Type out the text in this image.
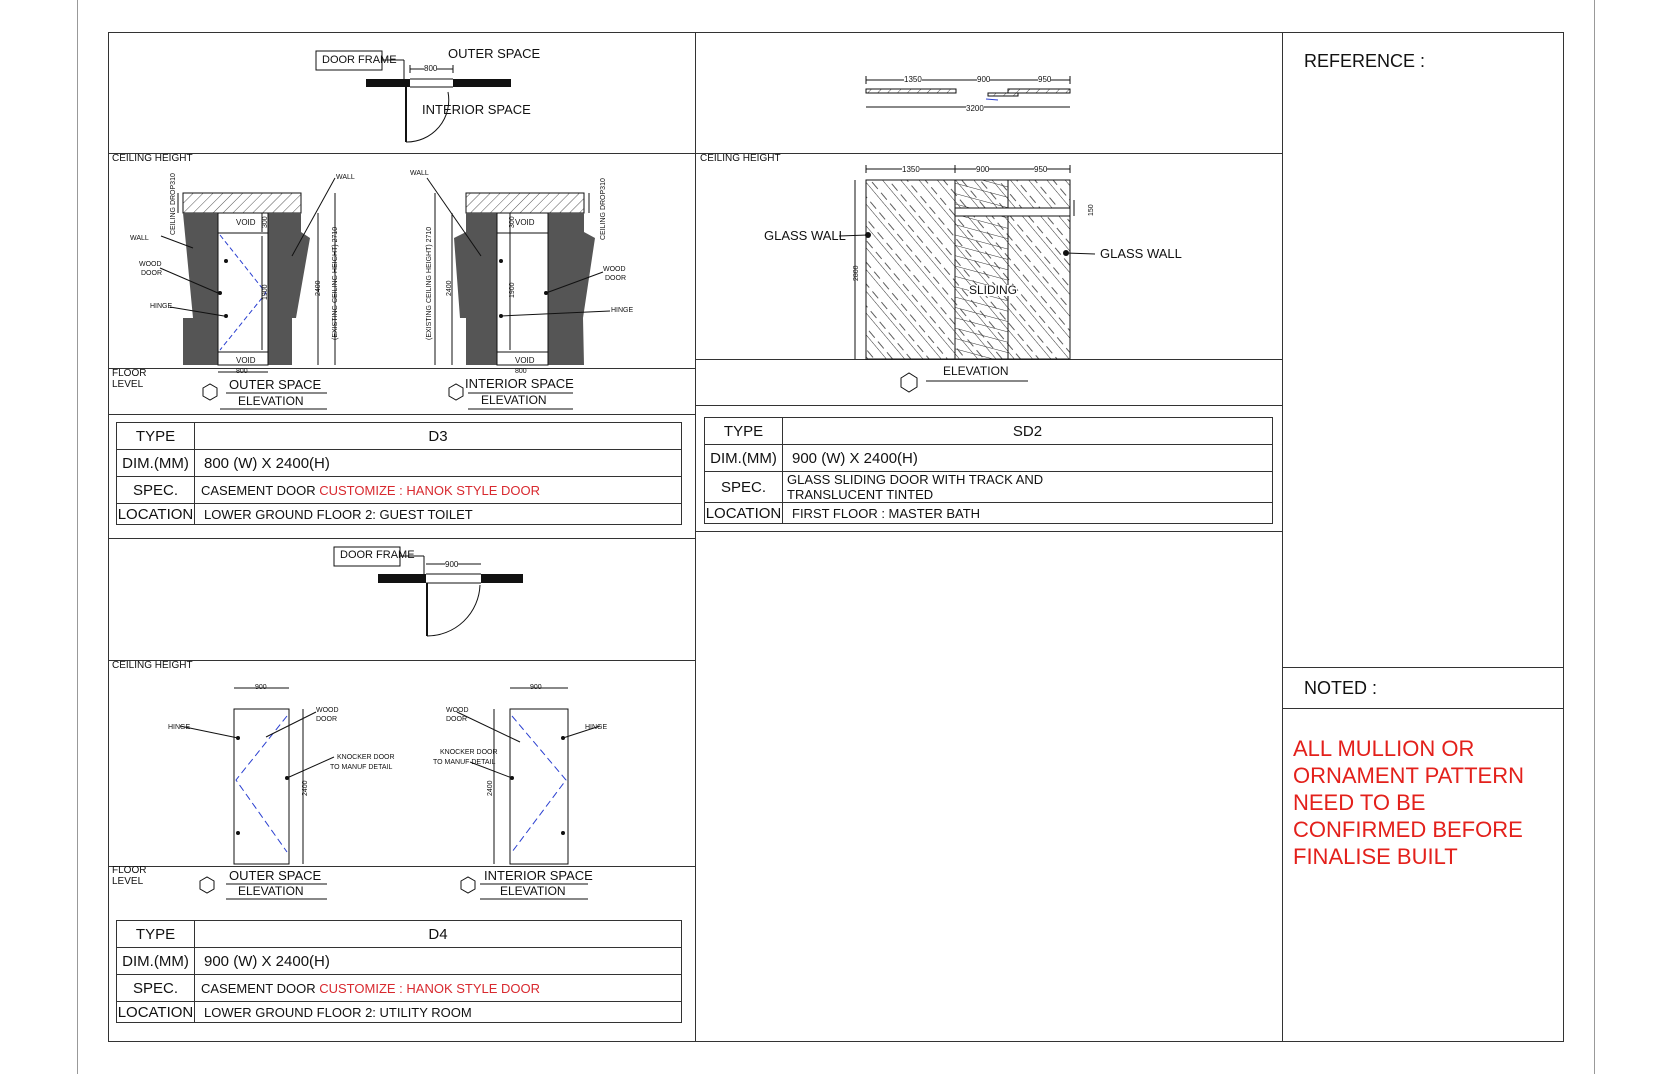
DOOR FRAME	OUTER SPACE
INTERIOR SPACE
800
CEILING HEIGHT
FLOOR
LEVEL
WALL
WALL
WOOD
DOOR
HINGE
VOID
VOID
800
OUTER SPACE
ELEVATION
CEILING DROP310
(EXISTING CEILING HEIGHT) 2710
2400
1900
300
WALL
WOOD
DOOR
HINGE
VOID
VOID
800
INTERIOR SPACE
ELEVATION
CEILING DROP310
(EXISTING CEILING HEIGHT) 2710 2400	1900
300
TYPE	D3
DIM.(MM)	800 (W) X 2400(H)
SPEC.	CASEMENT DOOR CUSTOMIZE : HANOK STYLE DOOR
LOCATION	LOWER GROUND FLOOR 2: GUEST TOILET
DOOR FRAME
900
CEILING HEIGHT
FLOOR
LEVEL
900	900
HINGE
WOOD
DOOR
KNOCKER DOOR
TO MANUF DETAIL
2400
OUTER SPACE
ELEVATION
WOOD
DOOR
HINGE
KNOCKER DOOR
TO MANUF DETAIL
2400
INTERIOR SPACE
ELEVATION
TYPE	D4
DIM.(MM)	900 (W) X 2400(H)
SPEC.	CASEMENT DOOR CUSTOMIZE : HANOK STYLE DOOR
LOCATION	LOWER GROUND FLOOR 2: UTILITY ROOM
1350	900	950
3200
CEILING HEIGHT
1350	900	950
GLASS WALL
GLASS WALL
SLIDING
2800
150
ELEVATION
TYPE	SD2
DIM.(MM)	900 (W) X 2400(H)
SPEC.	GLASS SLIDING DOOR WITH TRACK AND
TRANSLUCENT TINTED

LOCATION	FIRST FLOOR : MASTER BATH
REFERENCE :
NOTED :
ALL MULLION OR
ORNAMENT PATTERN
NEED TO BE
CONFIRMED BEFORE
FINALISE BUILT
